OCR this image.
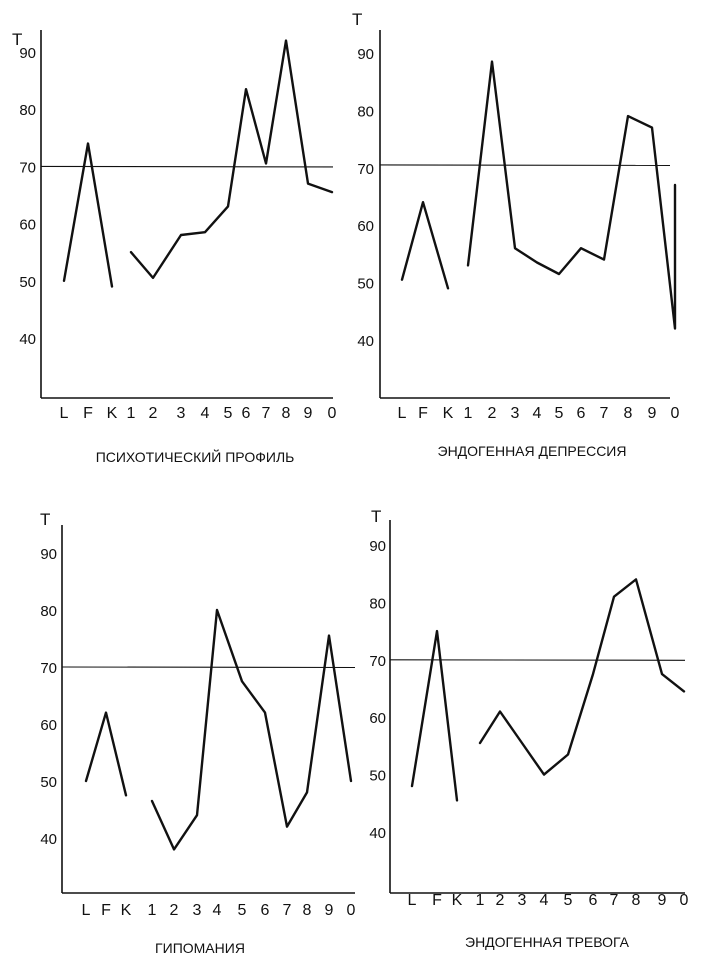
40
50
60
70
80
90
Т
L F K 1 2 3 4 5 6 7 8 9 0
ПСИХОТИЧЕСКИЙ ПРОФИЛЬ
40
50
60
70
80
90
Т
L F K 1 2 3 4 5 6 7 8 9 0
ЭНДОГЕННАЯ ДЕПРЕССИЯ
40
50
60
70
80
90
Т
L F K 1 2 3 4 5 6 7 8 9 0
ГИПОМАНИЯ
40
50
60
70
80
90
Т
L F K 1 2 3 4 5 6 7 8 9 0
ЭНДОГЕННАЯ ТРЕВОГА
